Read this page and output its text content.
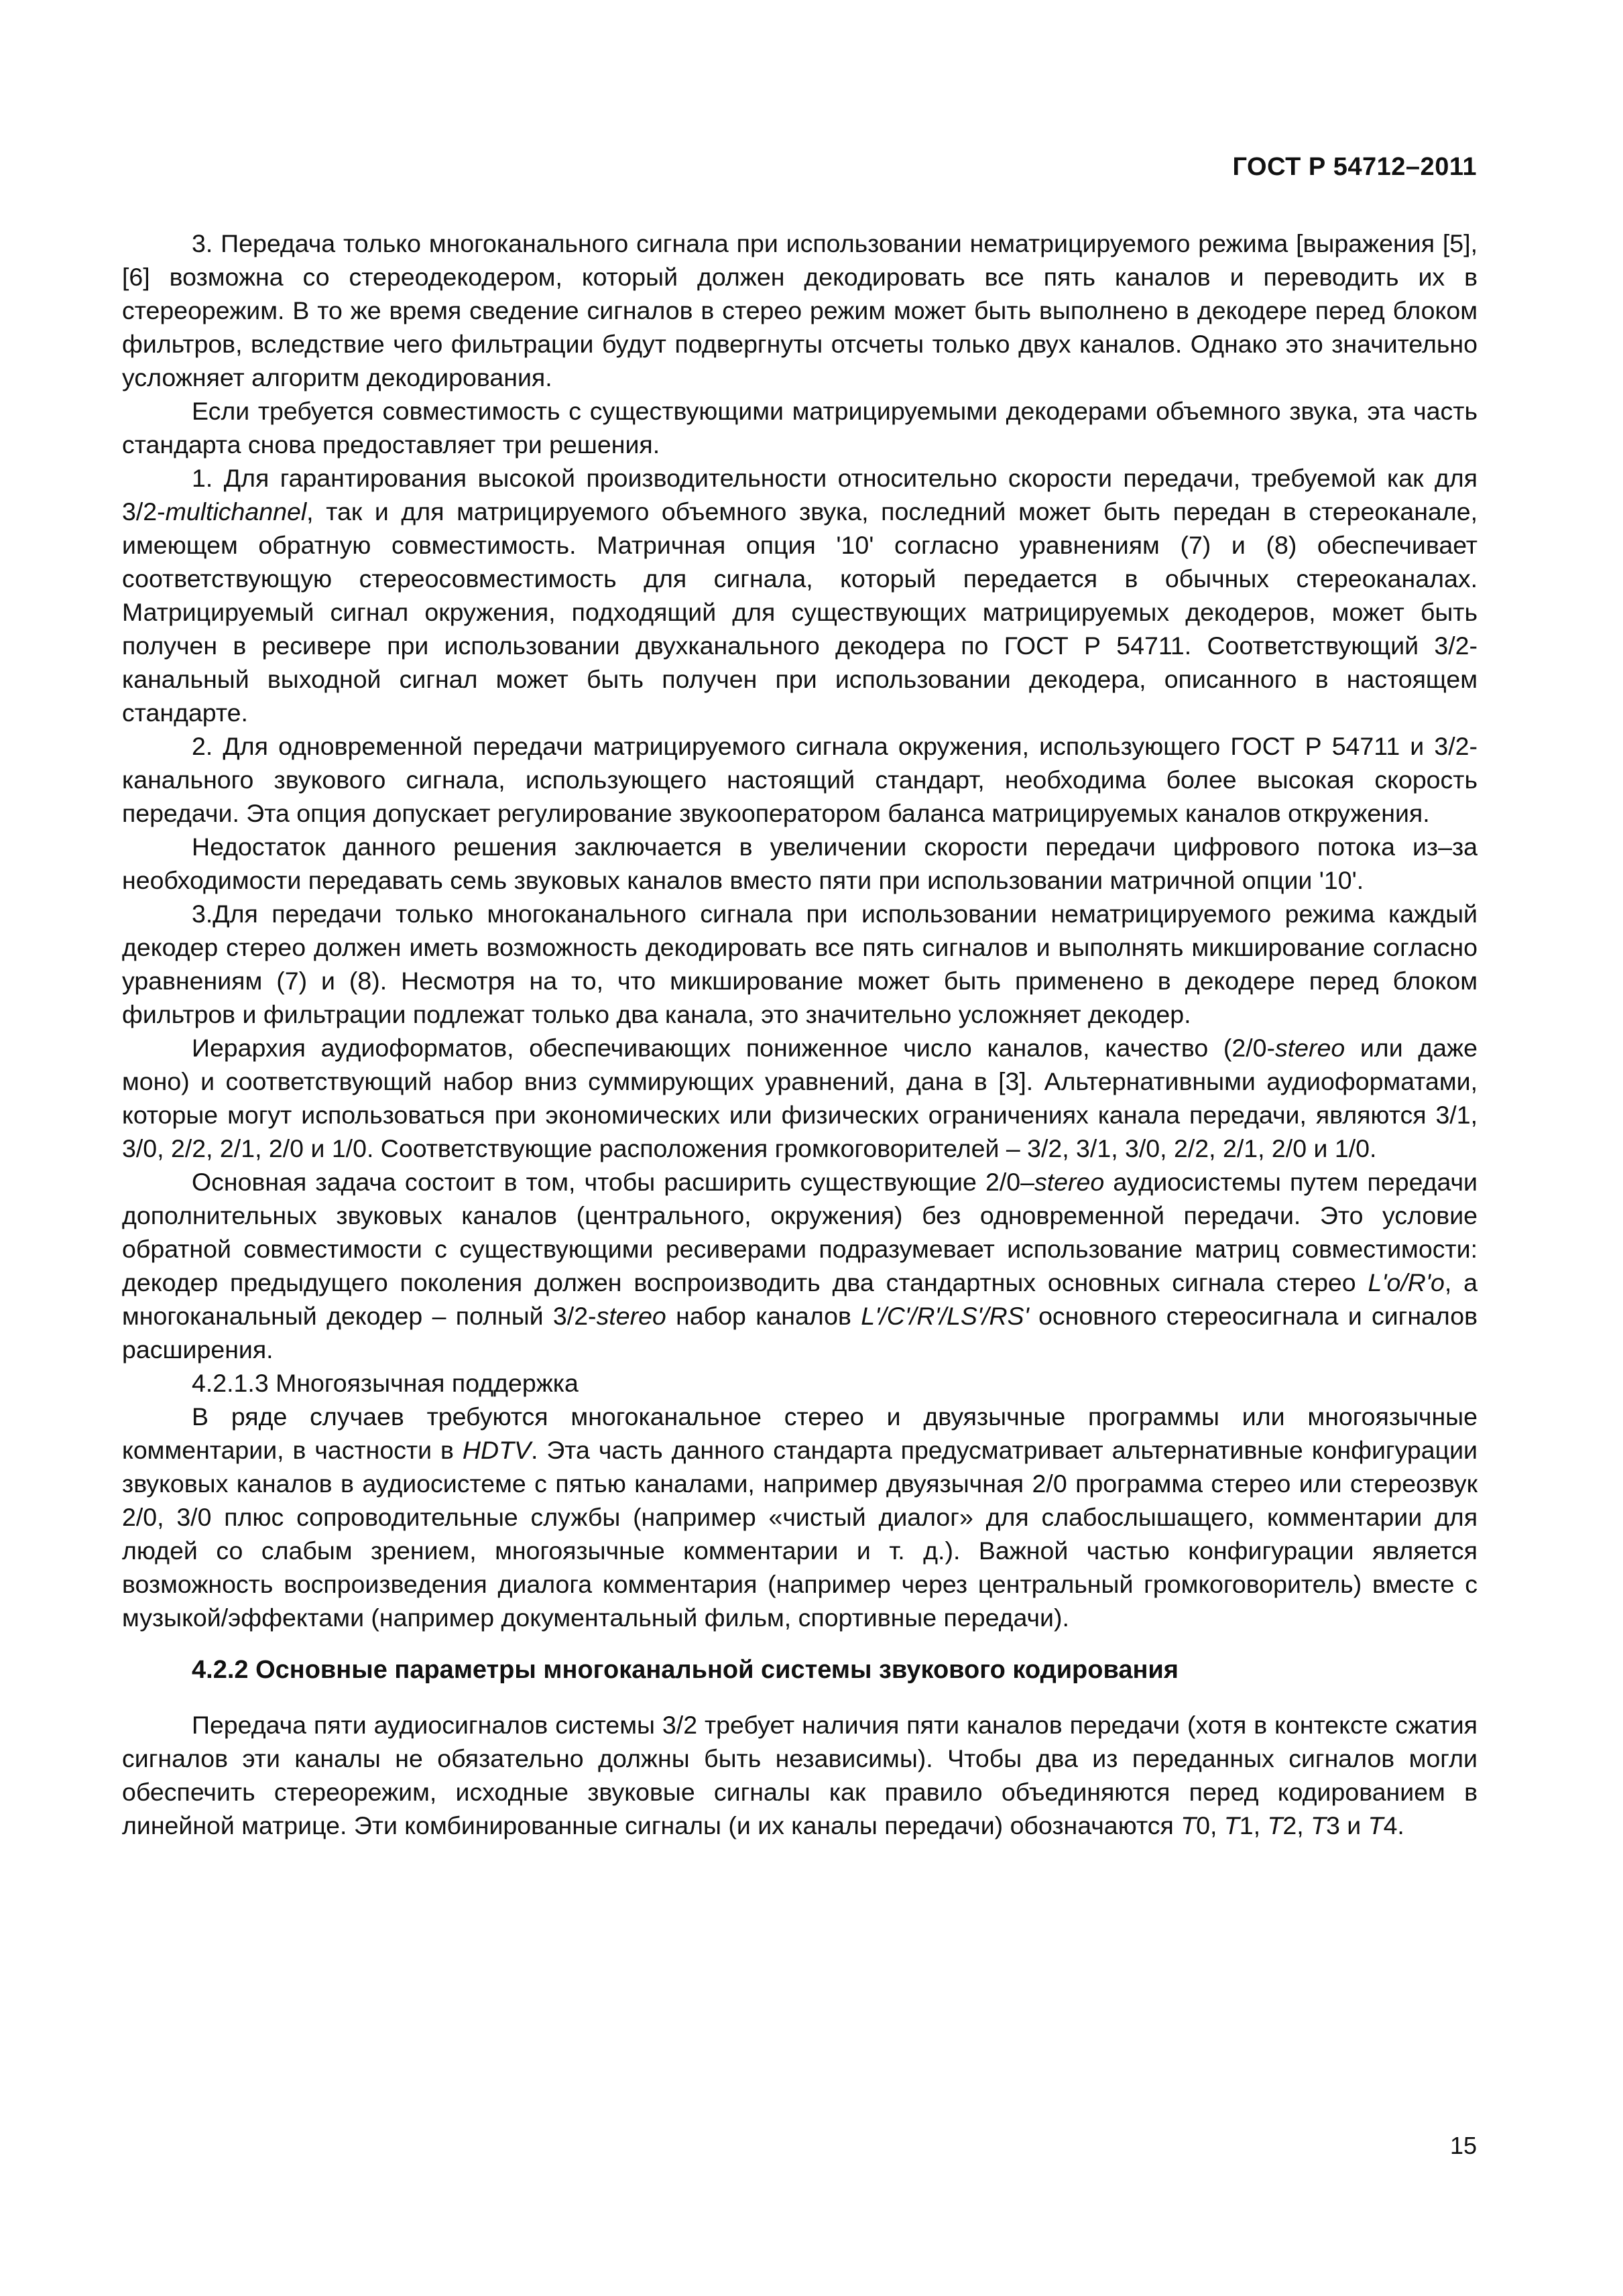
ГОСТ Р 54712–2011

3. Передача только многоканального сигнала при использовании нематрицируемого режима [выражения [5],[6] возможна со стереодекодером, который должен декодировать все пять каналов и переводить их в стереорежим. В то же время сведение сигналов в стерео режим может быть выполнено в декодере перед блоком фильтров, вследствие чего фильтрации будут подвергнуты отсчеты только двух каналов. Однако это значительно усложняет алгоритм декодирования.

Если требуется совместимость с существующими матрицируемыми декодерами объемного звука, эта часть стандарта снова предоставляет три решения.

1. Для гарантирования высокой производительности относительно скорости передачи, требуемой как для 3/2-multichannel, так и для матрицируемого объемного звука, последний может быть передан в стереоканале, имеющем обратную совместимость. Матричная опция '10' согласно уравнениям (7) и (8) обеспечивает соответствующую стереосовместимость для сигнала, который передается в обычных стереоканалах. Матрицируемый сигнал окружения, подходящий для существующих матрицируемых декодеров, может быть получен в ресивере при использовании двухканального декодера по ГОСТ Р 54711. Соответствующий 3/2-канальный выходной сигнал может быть получен при использовании декодера, описанного в настоящем стандарте.

2. Для одновременной передачи матрицируемого сигнала окружения, использующего ГОСТ Р 54711 и 3/2-канального звукового сигнала, использующего настоящий стандарт, необходима более высокая скорость передачи. Эта опция допускает регулирование звукооператором баланса матрицируемых каналов откружения.

Недостаток данного решения заключается в увеличении скорости передачи цифрового потока из–за необходимости передавать семь звуковых каналов вместо пяти при использовании матричной опции '10'.

3.Для передачи только многоканального сигнала при использовании нематрицируемого режима каждый декодер стерео должен иметь возможность декодировать все пять сигналов и выполнять микширование согласно уравнениям (7) и (8). Несмотря на то, что микширование может быть применено в декодере перед блоком фильтров и фильтрации подлежат только два канала, это значительно усложняет декодер.

Иерархия аудиоформатов, обеспечивающих пониженное число каналов, качество (2/0-stereo или даже моно) и соответствующий набор вниз суммирующих уравнений, дана в [3]. Альтернативными аудиоформатами, которые могут использоваться при экономических или физических ограничениях канала передачи, являются 3/1, 3/0, 2/2, 2/1, 2/0 и 1/0. Соответствующие расположения громкоговорителей – 3/2, 3/1, 3/0, 2/2, 2/1, 2/0 и 1/0.

Основная задача состоит в том, чтобы расширить существующие 2/0–stereo аудиосистемы путем передачи дополнительных звуковых каналов (центрального, окружения) без одновременной передачи. Это условие обратной совместимости с существующими ресиверами подразумевает использование матриц совместимости: декодер предыдущего поколения должен воспроизводить два стандартных основных сигнала стерео L'o/R'o, а многоканальный декодер – полный 3/2-stereo набор каналов L'/C'/R'/LS'/RS' основного стереосигнала и сигналов расширения.

4.2.1.3 Многоязычная поддержка

В ряде случаев требуются многоканальное стерео и двуязычные программы или многоязычные комментарии, в частности в HDTV. Эта часть данного стандарта предусматривает альтернативные конфигурации звуковых каналов в аудиосистеме с пятью каналами, например двуязычная 2/0 программа стерео или стереозвук 2/0, 3/0 плюс сопроводительные службы (например «чистый диалог» для слабослышащего, комментарии для людей со слабым зрением, многоязычные комментарии и т. д.). Важной частью конфигурации является возможность воспроизведения диалога комментария (например через центральный громкоговоритель) вместе с музыкой/эффектами (например документальный фильм, спортивные передачи).

4.2.2 Основные параметры многоканальной системы звукового кодирования

Передача пяти аудиосигналов системы 3/2 требует наличия пяти каналов передачи (хотя в контексте сжатия сигналов эти каналы не обязательно должны быть независимы). Чтобы два из переданных сигналов могли обеспечить стереорежим, исходные звуковые сигналы как правило объединяются перед кодированием в линейной матрице. Эти комбинированные сигналы (и их каналы передачи) обозначаются T0, T1, T2, T3 и T4.

15
